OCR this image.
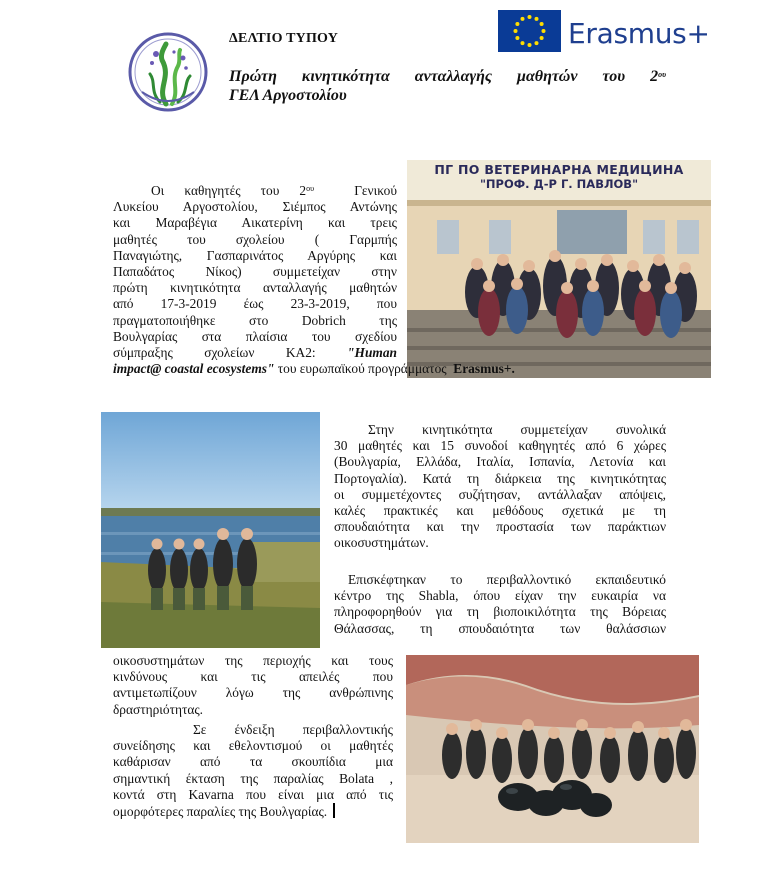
ΔΕΛΤΙΟ ΤΥΠΟΥ
Πρώτη κινητικότητα ανταλλαγής μαθητών του $2^{o\upsilon}$
ΓΕΛ Αργοστολίου
Erasmus+
ПГ ПО ВЕТЕРИНАРНА МЕДИЦИНА
"ПРОФ. Д-Р Г. ПАВЛОВ"

Οι καθηγητές του $2^{o\upsilon}$	Γενικού

Λυκείου Αργοστολίου, Σιέμπος Αντώνης

και Μαραβέγια Αικατερίνη και τρεις

μαθητές του σχολείου ( Γαρμπής

Παναγιώτης, Γασπαρινάτος Αργύρης και

Παπαδάτος Νίκος) συμμετείχαν στην

πρώτη κινητικότητα ανταλλαγής μαθητών

από 17-3-2019 έως 23-3-2019, που

πραγματοποιήθηκε στο Dobrich της

Βουλγαρίας στα πλαίσια του σχεδίου

σύμπραξης σχολείων KA2: "Human

impact@ coastal ecosystems" του ευρωπαϊκού προγράμματος Erasmus+.

Στην κινητικότητα συμμετείχαν συνολικά

30 μαθητές και 15 συνοδοί καθηγητές από 6 χώρες

(Βουλγαρία, Ελλάδα, Ιταλία, Ισπανία, Λετονία και

Πορτογαλία). Κατά τη διάρκεια της κινητικότητας

οι συμμετέχοντες συζήτησαν, αντάλλαξαν απόψεις,

καλές πρακτικές και μεθόδους σχετικά με τη

σπουδαιότητα και την προστασία των παράκτιων

οικοσυστημάτων.

Επισκέφτηκαν το περιβαλλοντικό εκπαιδευτικό

κέντρο της Shabla, όπου είχαν την ευκαιρία να

πληροφορηθούν για τη βιοποικιλότητα της Βόρειας

Θάλασσας, τη σπουδαιότητα των θαλάσσιων

οικοσυστημάτων της περιοχής και τους

κινδύνους και τις απειλές που

αντιμετωπίζουν λόγω της ανθρώπινης

δραστηριότητας.

Σε ένδειξη περιβαλλοντικής

συνείδησης και εθελοντισμού οι μαθητές

καθάρισαν από τα σκουπίδια μια

σημαντική έκταση της παραλίας Bolata ,

κοντά στη Kavarna που είναι μια από τις

ομορφότερες παραλίες της Βουλγαρίας.
